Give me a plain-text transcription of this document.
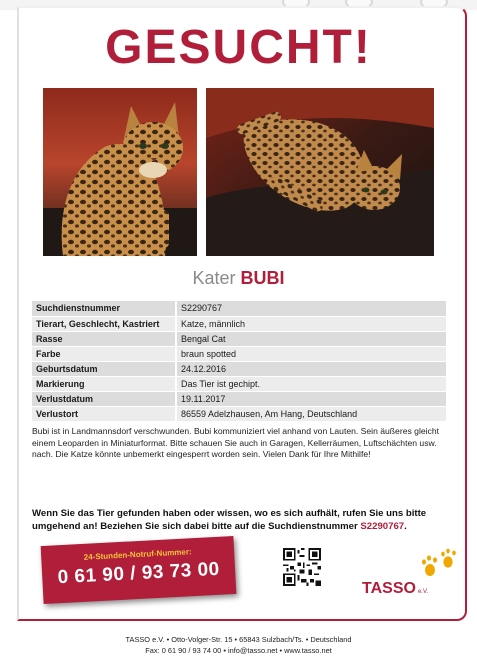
GESUCHT!
Kater BUBI
Suchdienstnummer	S2290767
Tierart, Geschlecht, Kastriert	Katze, männlich
Rasse	Bengal Cat
Farbe	braun spotted
Geburtsdatum	24.12.2016
Markierung	Das Tier ist gechipt.
Verlustdatum	19.11.2017
Verlustort	86559 Adelzhausen, Am Hang, Deutschland

Bubi ist in Landmannsdorf verschwunden. Bubi kommuniziert viel anhand von Lauten. Sein äußeres gleicht einem Leoparden in Miniaturformat. Bitte schauen Sie auch in Garagen, Kellerräumen, Luftschächten usw. nach. Die Katze könnte unbemerkt eingesperrt worden sein. Vielen Dank für Ihre Mithilfe!

Wenn Sie das Tier gefunden haben oder wissen, wo es sich aufhält, rufen Sie uns bitte umgehend an! Beziehen Sie sich dabei bitte auf die Suchdienstnummer S2290767.

24-Stunden-Notruf-Nummer:
0 61 90 / 93 73 00
TASSO e.V.
TASSO e.V. • Otto-Volger-Str. 15 • 65843 Sulzbach/Ts. • Deutschland
Fax: 0 61 90 / 93 74 00 • info@tasso.net • www.tasso.net
